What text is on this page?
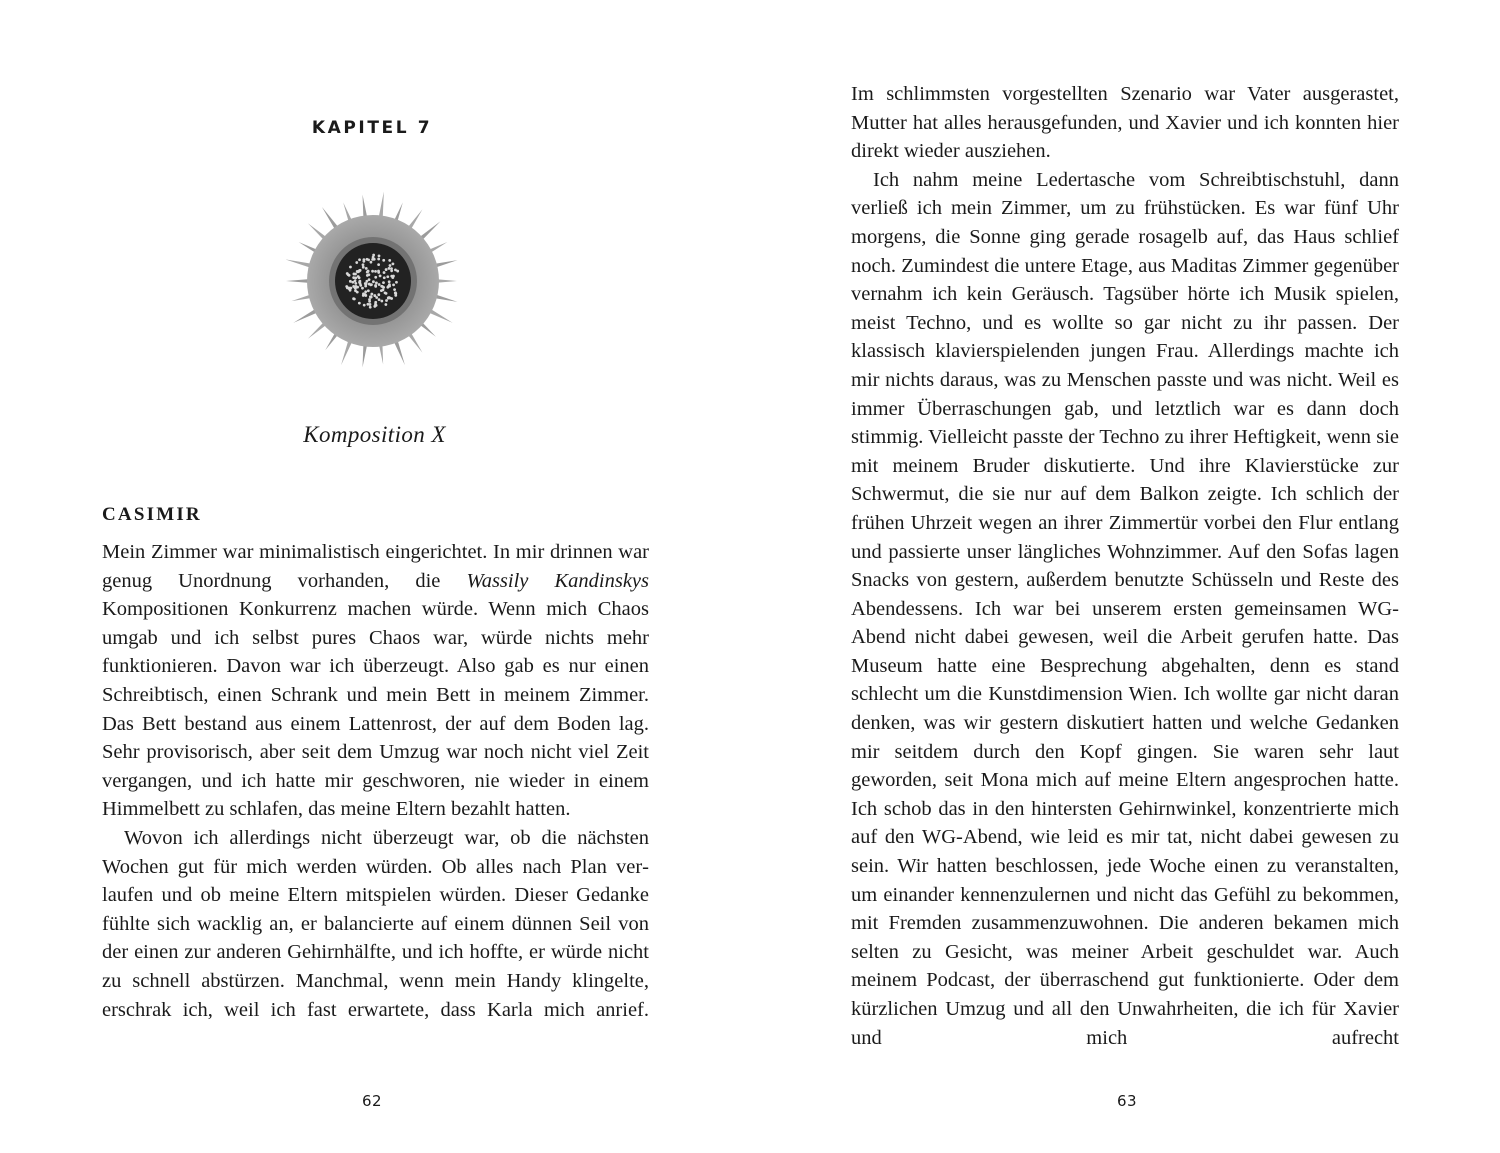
KAPITEL 7
Komposition X
CASIMIR

Mein Zimmer war minimalistisch eingerichtet. In mir drinnen war genug Unordnung vorhanden, die Wassily Kandinskys Kompositionen Konkurrenz machen würde. Wenn mich Chaos umgab und ich selbst pures Chaos war, würde nichts mehr funktionieren. Davon war ich überzeugt. Also gab es nur einen Schreibtisch, einen Schrank und mein Bett in meinem Zimmer. Das Bett bestand aus einem Lattenrost, der auf dem Boden lag. Sehr provisorisch, aber seit dem Umzug war noch nicht viel Zeit vergangen, und ich hatte mir geschworen, nie wieder in einem Himmelbett zu schlafen, das meine Eltern bezahlt hatten.

Wovon ich allerdings nicht überzeugt war, ob die nächsten Wochen gut für mich werden würden. Ob alles nach Plan verlaufen und ob meine Eltern mitspielen würden. Dieser Gedanke fühlte sich wacklig an, er balancierte auf einem dünnen Seil von der einen zur anderen Gehirnhälfte, und ich hoffte, er würde nicht zu schnell abstürzen. Manchmal, wenn mein Handy klingelte, erschrak ich, weil ich fast erwartete, dass Karla mich anrief.

62	63

Im schlimmsten vorgestellten Szenario war Vater ausgerastet, Mutter hat alles herausgefunden, und Xavier und ich konnten hier direkt wieder ausziehen.

Ich nahm meine Ledertasche vom Schreibtischstuhl, dann verließ ich mein Zimmer, um zu frühstücken. Es war fünf Uhr morgens, die Sonne ging gerade rosagelb auf, das Haus schlief noch. Zumindest die untere Etage, aus Maditas Zimmer gegenüber vernahm ich kein Geräusch. Tagsüber hörte ich Musik spielen, meist Techno, und es wollte so gar nicht zu ihr passen. Der klassisch klavierspielenden jungen Frau. Allerdings machte ich mir nichts daraus, was zu Menschen passte und was nicht. Weil es immer Überraschungen gab, und letztlich war es dann doch stimmig. Vielleicht passte der Techno zu ihrer Heftigkeit, wenn sie mit meinem Bruder diskutierte. Und ihre Klavierstücke zur Schwermut, die sie nur auf dem Balkon zeigte. Ich schlich der frühen Uhrzeit wegen an ihrer Zimmertür vorbei den Flur entlang und passierte unser längliches Wohnzimmer. Auf den Sofas lagen Snacks von gestern, außerdem benutzte Schüsseln und Reste des Abendessens. Ich war bei unserem ersten gemeinsamen WG-Abend nicht dabei gewesen, weil die Arbeit gerufen hatte. Das Museum hatte eine Besprechung abgehalten, denn es stand schlecht um die Kunstdimension Wien. Ich wollte gar nicht daran denken, was wir gestern diskutiert hatten und welche Gedanken mir seitdem durch den Kopf gingen. Sie waren sehr laut geworden, seit Mona mich auf meine Eltern angesprochen hatte. Ich schob das in den hintersten Gehirnwinkel, konzentrierte mich auf den WG-Abend, wie leid es mir tat, nicht dabei gewesen zu sein. Wir hatten beschlossen, jede Woche einen zu veranstalten, um einander kennenzulernen und nicht das Gefühl zu bekommen, mit Fremden zusammenzuwohnen. Die anderen bekamen mich selten zu Gesicht, was meiner Arbeit geschuldet war. Auch meinem Podcast, der überraschend gut funktionierte. Oder dem kürzlichen Umzug und all den Unwahrheiten, die ich für Xavier und mich aufrecht
